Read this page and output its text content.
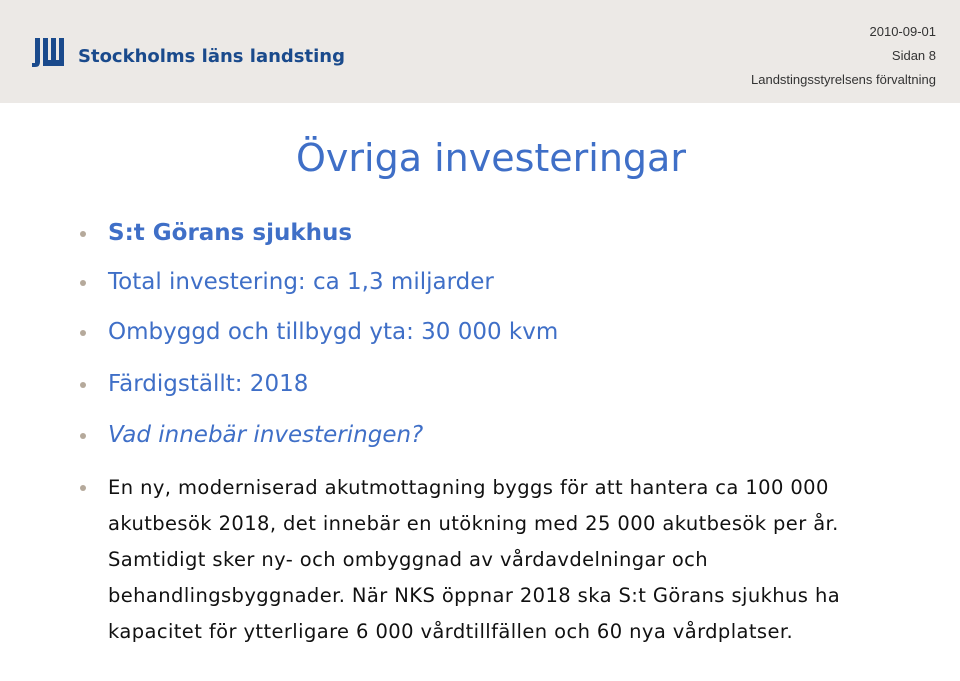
Stockholms läns landsting
2010-09-01
Sidan 8
Landstingsstyrelsens förvaltning
Övriga investeringar
S:t Görans sjukhus
Total investering: ca 1,3 miljarder
Ombyggd och tillbygd yta: 30 000 kvm
Färdigställt: 2018
Vad innebär investeringen?
En ny, moderniserad akutmottagning byggs för att hantera ca 100 000 akutbesök 2018, det innebär en utökning med 25 000 akutbesök per år. Samtidigt sker ny- och ombyggnad av vårdavdelningar och behandlingsbyggnader. När NKS öppnar 2018 ska S:t Görans sjukhus ha kapacitet för ytterligare 6 000 vårdtillfällen och 60 nya vårdplatser.
